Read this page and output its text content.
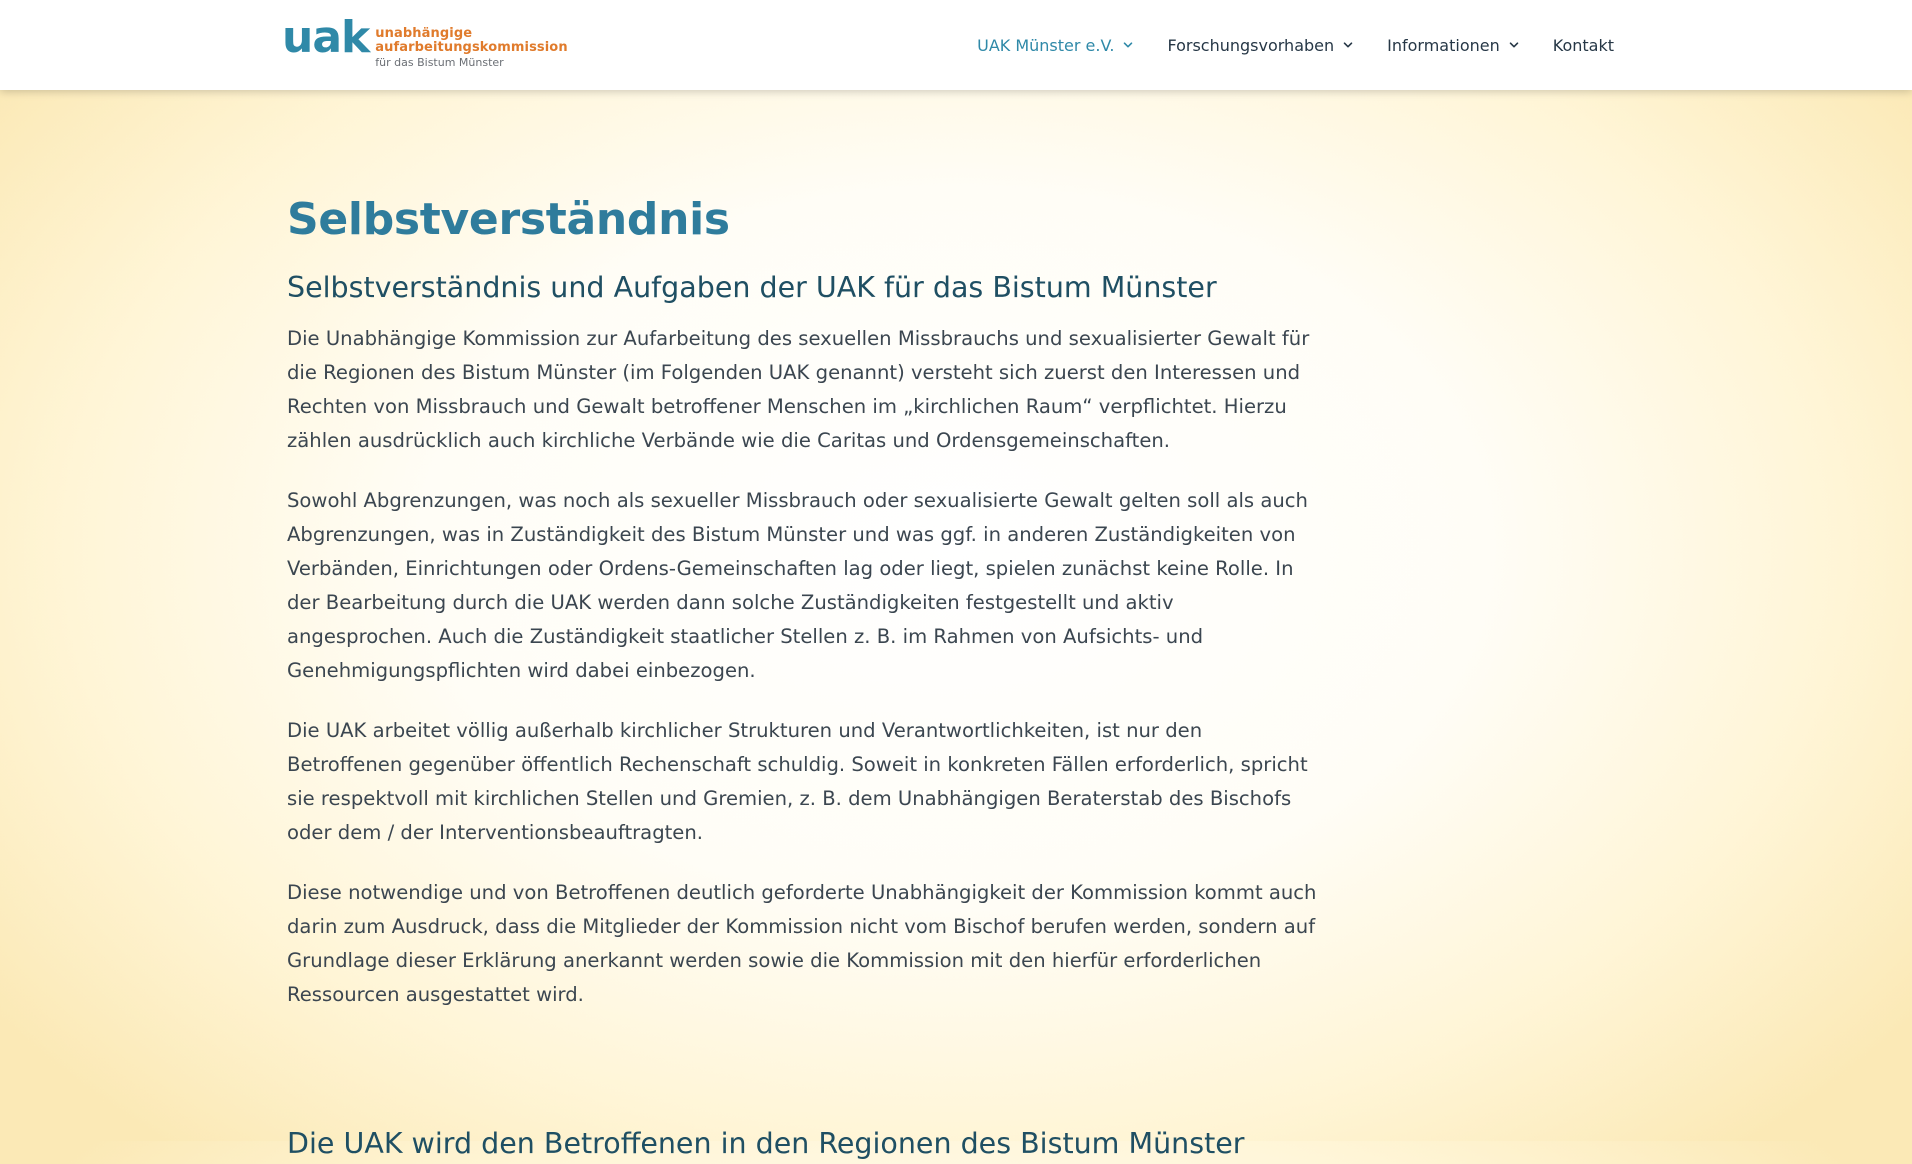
uak unabhängige
aufarbeitungskommission
für das Bistum Münster
UAK Münster e.V.	Forschungsvorhaben	Informationen	Kontakt
Selbstverständnis
Selbstverständnis und Aufgaben der UAK für das Bistum Münster

Die Unabhängige Kommission zur Aufarbeitung des sexuellen Missbrauchs und sexualisierter Gewalt für die Regionen des Bistum Münster (im Folgenden UAK genannt) versteht sich zuerst den Interessen und Rechten von Missbrauch und Gewalt betroffener Menschen im „kirchlichen Raum“ verpflichtet. Hierzu zählen ausdrücklich auch kirchliche Verbände wie die Caritas und Ordensgemeinschaften.

Sowohl Abgrenzungen, was noch als sexueller Missbrauch oder sexualisierte Gewalt gelten soll als auch Abgrenzungen, was in Zuständigkeit des Bistum Münster und was ggf. in anderen Zuständigkeiten von Verbänden, Einrichtungen oder Ordens-Gemeinschaften lag oder liegt, spielen zunächst keine Rolle. In der Bearbeitung durch die UAK werden dann solche Zuständigkeiten festgestellt und aktiv angesprochen. Auch die Zuständigkeit staatlicher Stellen z. B. im Rahmen von Aufsichts- und Genehmigungspflichten wird dabei einbezogen.

Die UAK arbeitet völlig außerhalb kirchlicher Strukturen und Verantwortlichkeiten, ist nur den Betroffenen gegenüber öffentlich Rechenschaft schuldig. Soweit in konkreten Fällen erforderlich, spricht sie respektvoll mit kirchlichen Stellen und Gremien, z. B. dem Unabhängigen Beraterstab des Bischofs oder dem / der Interventionsbeauftragten.

Diese notwendige und von Betroffenen deutlich geforderte Unabhängigkeit der Kommission kommt auch darin zum Ausdruck, dass die Mitglieder der Kommission nicht vom Bischof berufen werden, sondern auf Grundlage dieser Erklärung anerkannt werden sowie die Kommission mit den hierfür erforderlichen Ressourcen ausgestattet wird.

Die UAK wird den Betroffenen in den Regionen des Bistum Münster
